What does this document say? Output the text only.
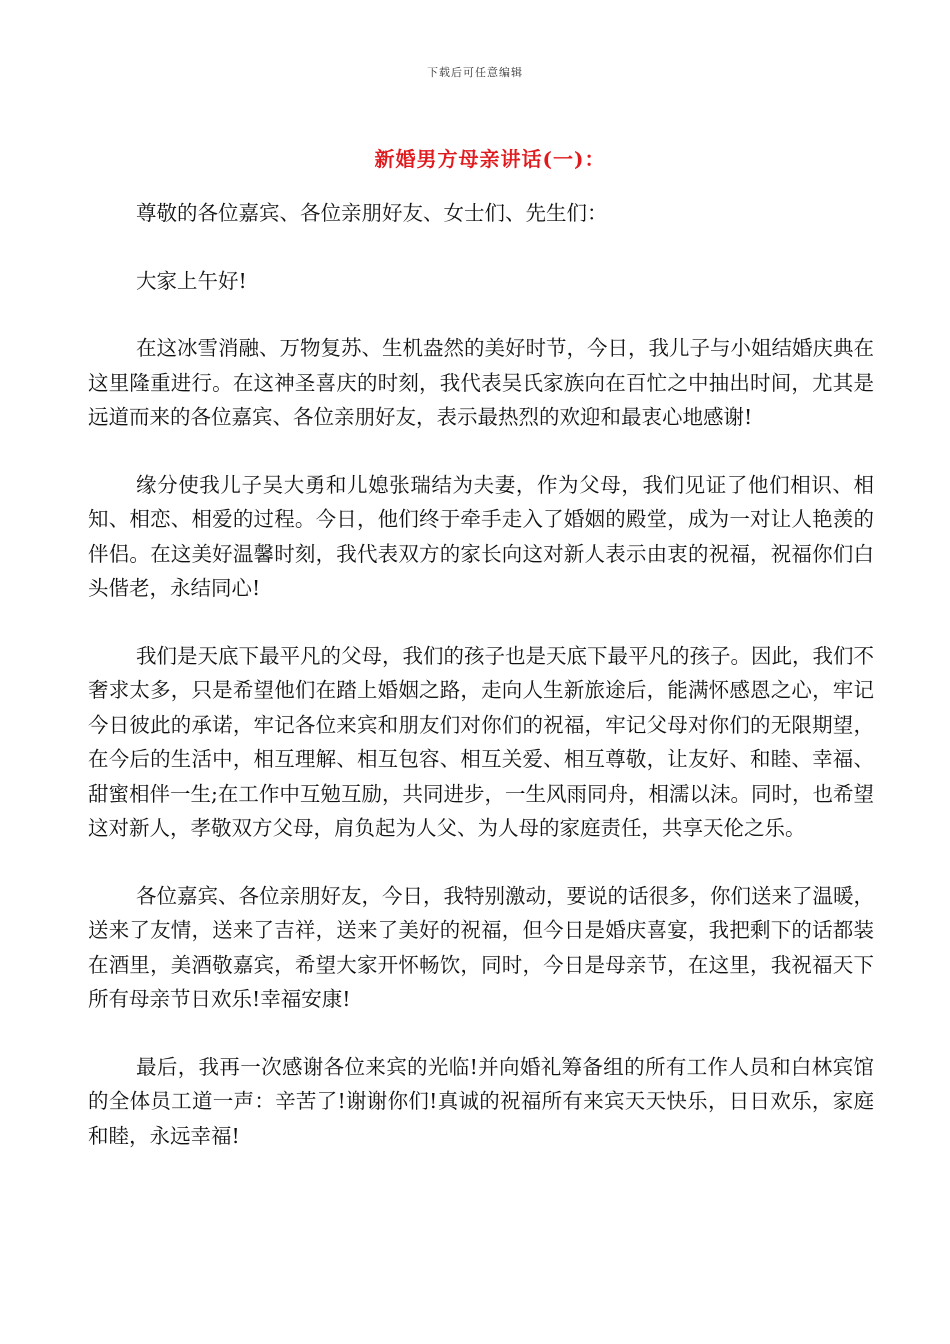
下载后可任意编辑
新婚男方母亲讲话(一)：

尊敬的各位嘉宾、各位亲朋好友、女士们、先生们：

大家上午好!

在这冰雪消融、万物复苏、生机盎然的美好时节，今日，我儿子与小姐结婚庆典在这里隆重进行。在这神圣喜庆的时刻，我代表吴氏家族向在百忙之中抽出时间，尤其是远道而来的各位嘉宾、各位亲朋好友，表示最热烈的欢迎和最衷心地感谢!

缘分使我儿子吴大勇和儿媳张瑞结为夫妻，作为父母，我们见证了他们相识、相知、相恋、相爱的过程。今日，他们终于牵手走入了婚姻的殿堂，成为一对让人艳羡的伴侣。在这美好温馨时刻，我代表双方的家长向这对新人表示由衷的祝福，祝福你们白头偕老，永结同心!

我们是天底下最平凡的父母，我们的孩子也是天底下最平凡的孩子。因此，我们不奢求太多，只是希望他们在踏上婚姻之路，走向人生新旅途后，能满怀感恩之心，牢记今日彼此的承诺，牢记各位来宾和朋友们对你们的祝福，牢记父母对你们的无限期望，在今后的生活中，相互理解、相互包容、相互关爱、相互尊敬，让友好、和睦、幸福、甜蜜相伴一生;在工作中互勉互励，共同进步，一生风雨同舟，相濡以沫。同时，也希望这对新人，孝敬双方父母，肩负起为人父、为人母的家庭责任，共享天伦之乐。

各位嘉宾、各位亲朋好友，今日，我特别激动，要说的话很多，你们送来了温暖，送来了友情，送来了吉祥，送来了美好的祝福，但今日是婚庆喜宴，我把剩下的话都装在酒里，美酒敬嘉宾，希望大家开怀畅饮，同时，今日是母亲节，在这里，我祝福天下所有母亲节日欢乐!幸福安康!

最后，我再一次感谢各位来宾的光临!并向婚礼筹备组的所有工作人员和白林宾馆的全体员工道一声：辛苦了!谢谢你们!真诚的祝福所有来宾天天快乐，日日欢乐，家庭和睦，永远幸福!
